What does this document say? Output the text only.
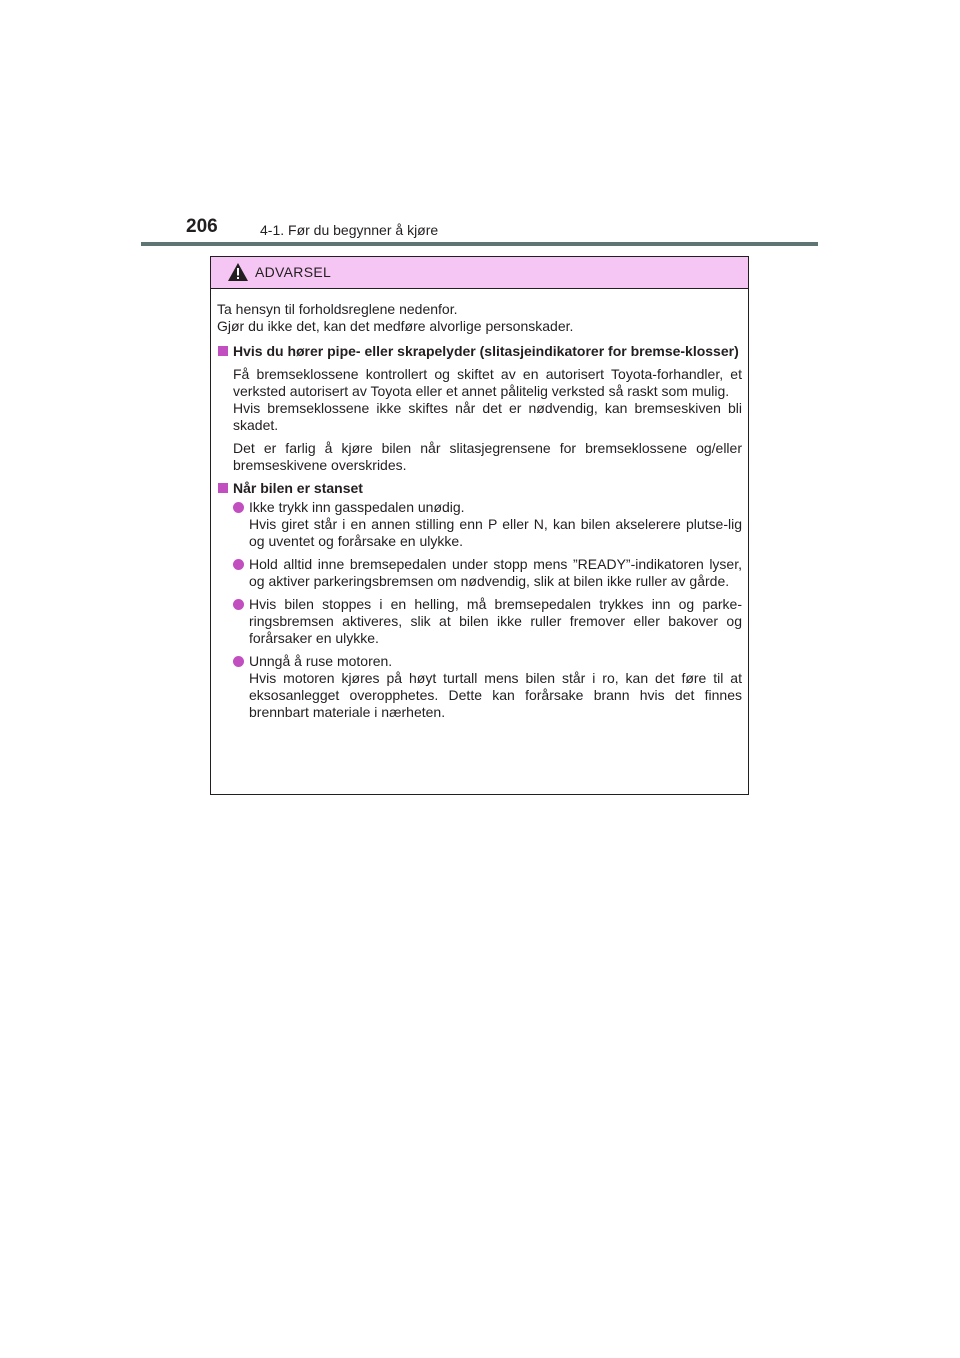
206	4-1. Før du begynner å kjøre
ADVARSEL

Ta hensyn til forholdsreglene nedenfor.

Gjør du ikke det, kan det medføre alvorlige personskader.

Hvis du hører pipe- eller skrapelyder (slitasjeindikatorer for bremse-klosser)

Få bremseklossene kontrollert og skiftet av en autorisert Toyota-forhandler, et verksted autorisert av Toyota eller et annet pålitelig verksted så raskt som mulig.

Hvis bremseklossene ikke skiftes når det er nødvendig, kan bremseskiven bli skadet.

Det er farlig å kjøre bilen når slitasjegrensene for bremseklossene og/eller bremseskivene overskrides.

Når bilen er stanset

Ikke trykk inn gasspedalen unødig.
Hvis giret står i en annen stilling enn P eller N, kan bilen akselerere plutse-lig og uventet og forårsake en ulykke.
Hold alltid inne bremsepedalen under stopp mens ”READY”-indikatoren lyser, og aktiver parkeringsbremsen om nødvendig, slik at bilen ikke ruller av gårde.
Hvis bilen stoppes i en helling, må bremsepedalen trykkes inn og parke-ringsbremsen aktiveres, slik at bilen ikke ruller fremover eller bakover og forårsaker en ulykke.
Unngå å ruse motoren.
Hvis motoren kjøres på høyt turtall mens bilen står i ro, kan det føre til at eksosanlegget overopphetes. Dette kan forårsake brann hvis det finnes brennbart materiale i nærheten.
